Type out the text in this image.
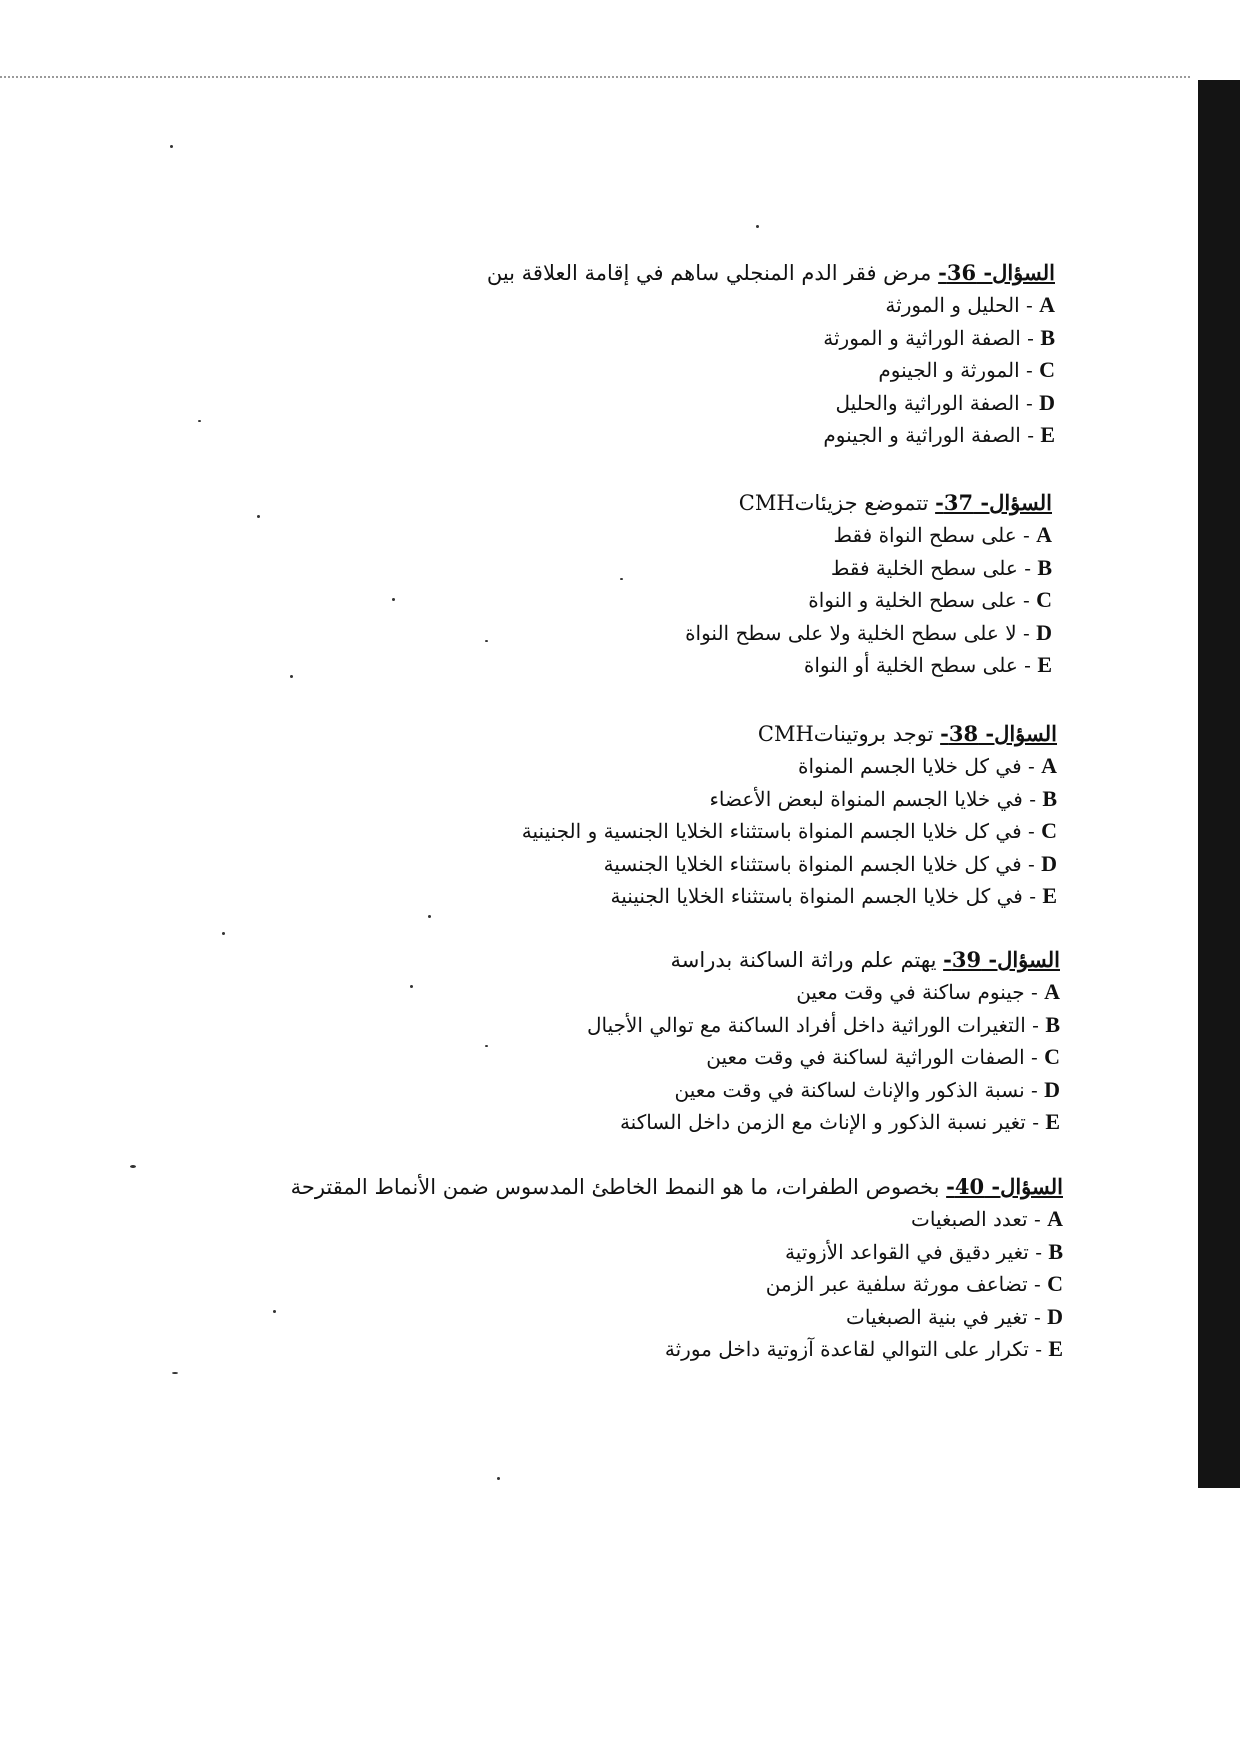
السؤال- 36- مرض فقر الدم المنجلي ساهم في إقامة العلاقة بين
A - الحليل و المورثة
B - الصفة الوراثية و المورثة
C - المورثة و الجينوم
D - الصفة الوراثية والحليل
E - الصفة الوراثية و الجينوم
السؤال- 37- تتموضع جزيئاتCMH
A - على سطح النواة فقط
B - على سطح الخلية فقط
C - على سطح الخلية و النواة
D - لا على سطح الخلية ولا على سطح النواة
E - على سطح الخلية أو النواة
السؤال- 38- توجد بروتيناتCMH
A - في كل خلايا الجسم المنواة
B - في خلايا الجسم المنواة لبعض الأعضاء
C - في كل خلايا الجسم المنواة باستثناء الخلايا الجنسية و الجنينية
D - في كل خلايا الجسم المنواة باستثناء الخلايا الجنسية
E - في كل خلايا الجسم المنواة باستثناء الخلايا الجنينية
السؤال- 39- يهتم علم وراثة الساكنة بدراسة
A - جينوم ساكنة في وقت معين
B - التغيرات الوراثية داخل أفراد الساكنة مع توالي الأجيال
C - الصفات الوراثية لساكنة في وقت معين
D - نسبة الذكور والإناث لساكنة في وقت معين
E - تغير نسبة الذكور و الإناث مع الزمن داخل الساكنة
السؤال- 40- بخصوص الطفرات، ما هو النمط الخاطئ المدسوس ضمن الأنماط المقترحة
A - تعدد الصبغيات
B - تغير دقيق في القواعد الأزوتية
C - تضاعف مورثة سلفية عبر الزمن
D - تغير في بنية الصبغيات
E - تكرار على التوالي لقاعدة آزوتية داخل مورثة
